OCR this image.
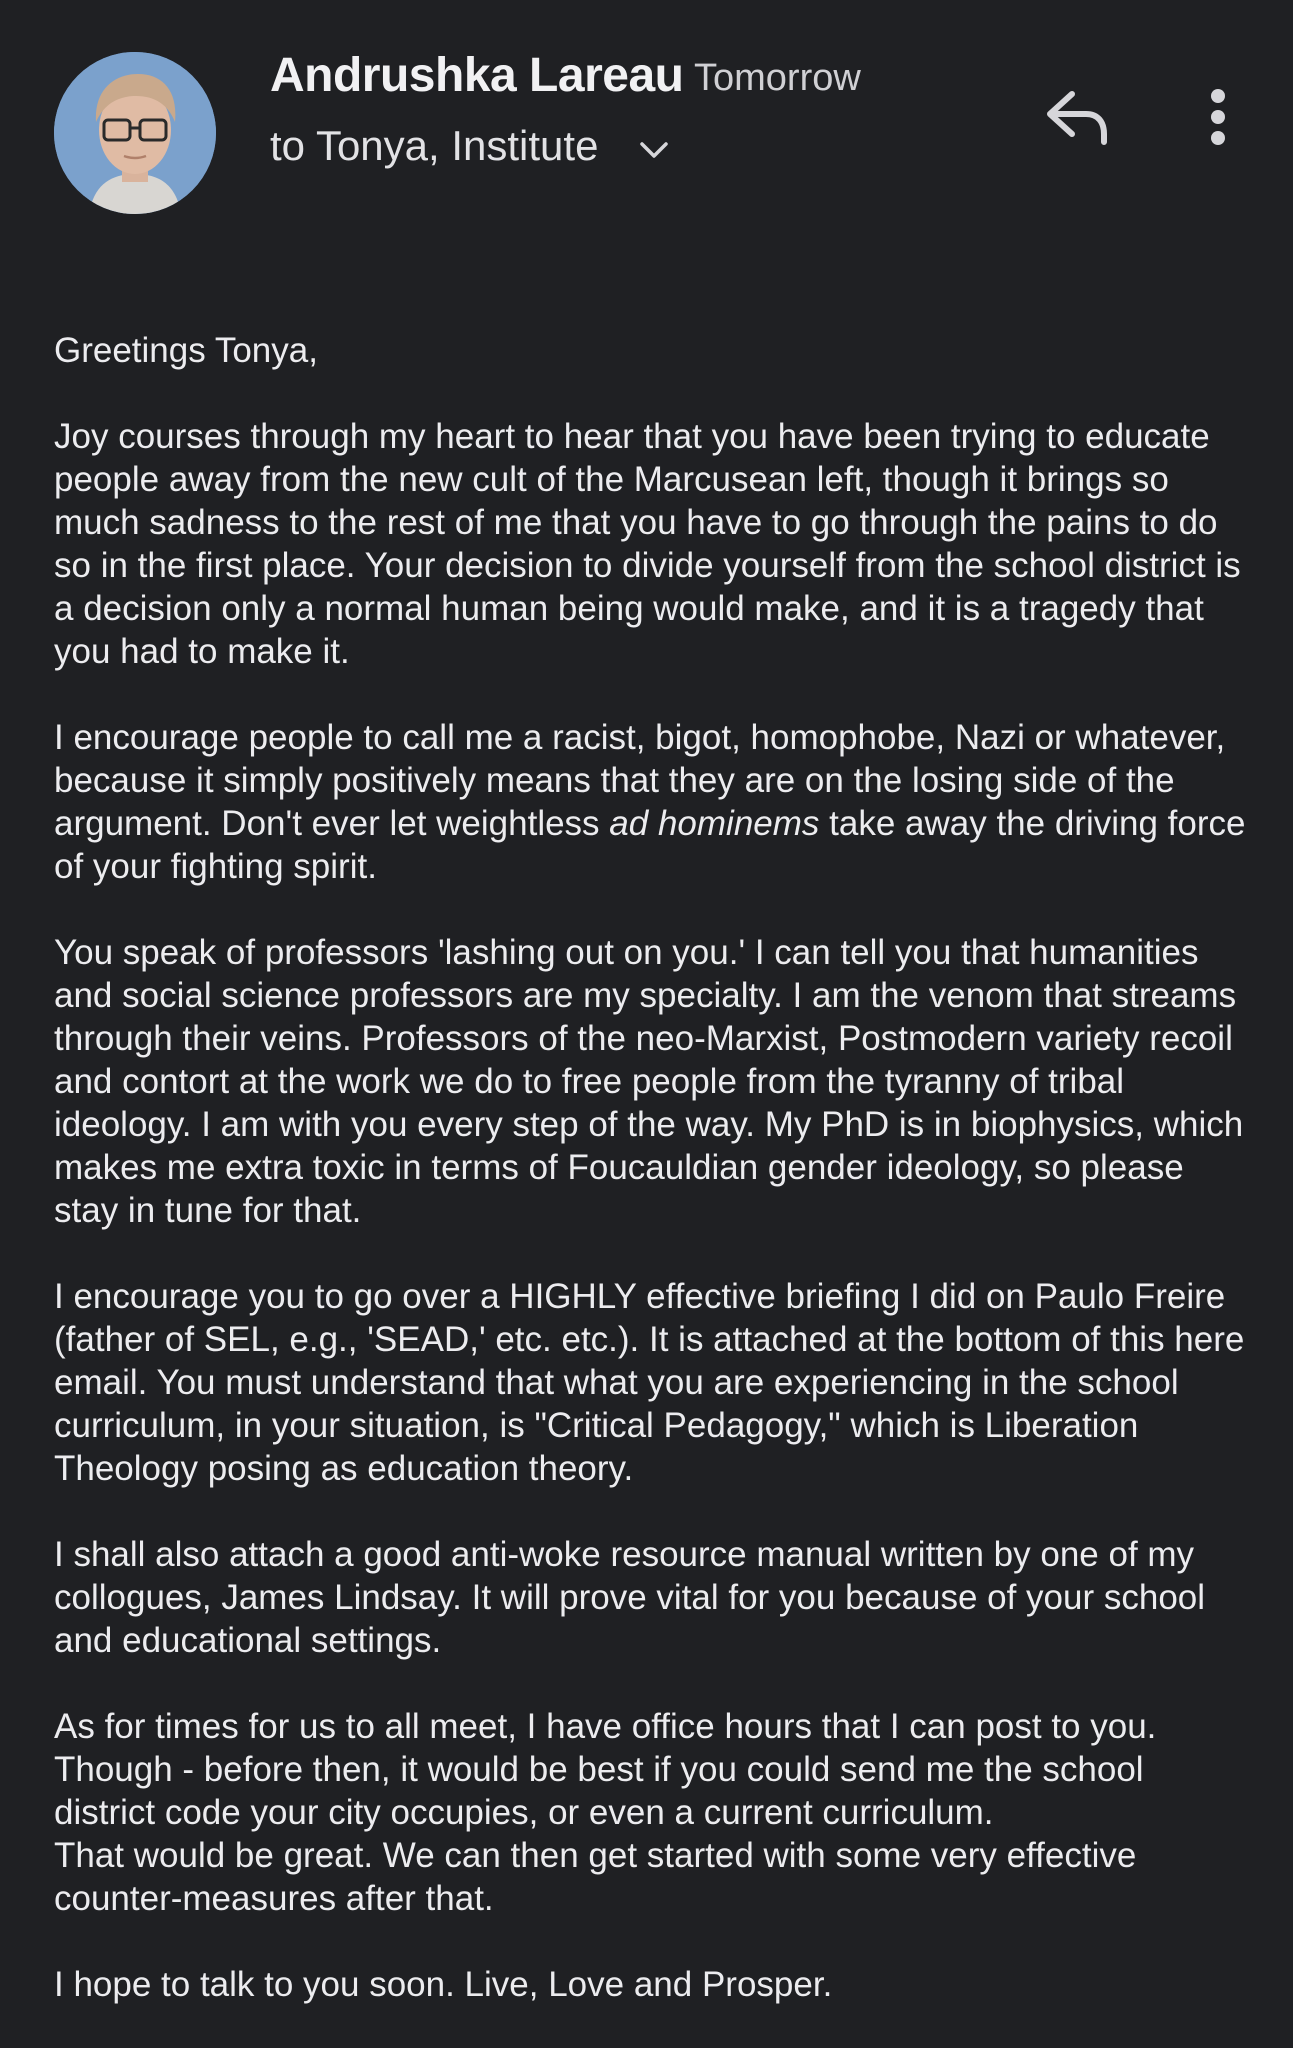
Andrushka Lareau Tomorrow
to Tonya, Institute

Greetings Tonya,

Joy courses through my heart to hear that you have been trying to educate people away from the new cult of the Marcusean left, though it brings so much sadness to the rest of me that you have to go through the pains to do so in the first place. Your decision to divide yourself from the school district is a decision only a normal human being would make, and it is a tragedy that you had to make it.

I encourage people to call me a racist, bigot, homophobe, Nazi or whatever, because it simply positively means that they are on the losing side of the argument. Don't ever let weightless ad hominems take away the driving force of your fighting spirit.

You speak of professors 'lashing out on you.' I can tell you that humanities and social science professors are my specialty. I am the venom that streams through their veins. Professors of the neo-Marxist, Postmodern variety recoil and contort at the work we do to free people from the tyranny of tribal ideology. I am with you every step of the way. My PhD is in biophysics, which makes me extra toxic in terms of Foucauldian gender ideology, so please stay in tune for that.

I encourage you to go over a HIGHLY effective briefing I did on Paulo Freire (father of SEL, e.g., 'SEAD,' etc. etc.). It is attached at the bottom of this here email. You must understand that what you are experiencing in the school curriculum, in your situation, is "Critical Pedagogy," which is Liberation Theology posing as education theory.

I shall also attach a good anti-woke resource manual written by one of my collogues, James Lindsay. It will prove vital for you because of your school and educational settings.

As for times for us to all meet, I have office hours that I can post to you. Though - before then, it would be best if you could send me the school district code your city occupies, or even a current curriculum.
That would be great. We can then get started with some very effective counter-measures after that.

I hope to talk to you soon. Live, Love and Prosper.
